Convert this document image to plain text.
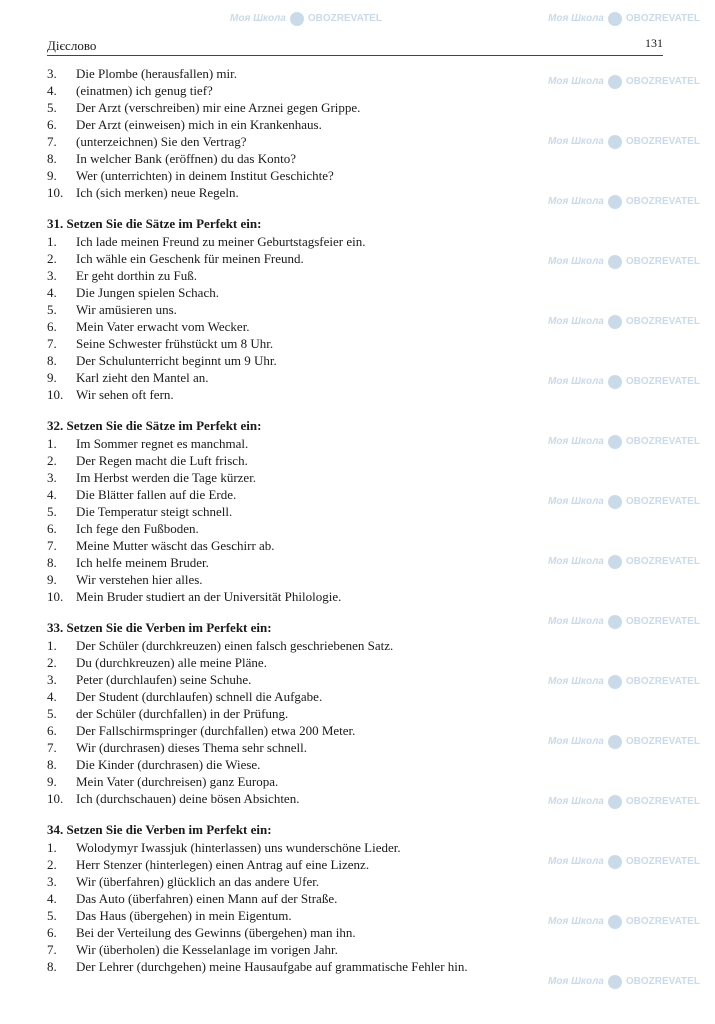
Моя Школа OBOZREVATEL	Моя Школа OBOZREVATEL
Моя Школа OBOZREVATEL
Моя Школа OBOZREVATEL
Моя Школа OBOZREVATEL
Моя Школа OBOZREVATEL
Моя Школа OBOZREVATEL
Моя Школа OBOZREVATEL
Моя Школа OBOZREVATEL
Моя Школа OBOZREVATEL
Моя Школа OBOZREVATEL
Моя Школа OBOZREVATEL
Моя Школа OBOZREVATEL
Моя Школа OBOZREVATEL
Моя Школа OBOZREVATEL
Моя Школа OBOZREVATEL
Моя Школа OBOZREVATEL
Моя Школа OBOZREVATEL
Дієслово	131
3.	Die Plombe (herausfallen) mir.
4.	(einatmen) ich genug tief?
5.	Der Arzt (verschreiben) mir eine Arznei gegen Grippe.
6.	Der Arzt (einweisen) mich in ein Krankenhaus.
7.	(unterzeichnen) Sie den Vertrag?
8.	In welcher Bank (eröffnen) du das Konto?
9.	Wer (unterrichten) in deinem Institut Geschichte?
10. Ich (sich merken) neue Regeln.
31. Setzen Sie die Sätze im Perfekt ein:
1.	Ich lade meinen Freund zu meiner Geburtstagsfeier ein.
2.	Ich wähle ein Geschenk für meinen Freund.
3.	Er geht dorthin zu Fuß.
4.	Die Jungen spielen Schach.
5.	Wir amüsieren uns.
6.	Mein Vater erwacht vom Wecker.
7.	Seine Schwester frühstückt um 8 Uhr.
8.	Der Schulunterricht beginnt um 9 Uhr.
9.	Karl zieht den Mantel an.
10. Wir sehen oft fern.
32. Setzen Sie die Sätze im Perfekt ein:
1.	Im Sommer regnet es manchmal.
2.	Der Regen macht die Luft frisch.
3.	Im Herbst werden die Tage kürzer.
4.	Die Blätter fallen auf die Erde.
5.	Die Temperatur steigt schnell.
6.	Ich fege den Fußboden.
7.	Meine Mutter wäscht das Geschirr ab.
8.	Ich helfe meinem Bruder.
9.	Wir verstehen hier alles.
10. Mein Bruder studiert an der Universität Philologie.
33. Setzen Sie die Verben im Perfekt ein:
1.	Der Schüler (durchkreuzen) einen falsch geschriebenen Satz.
2.	Du (durchkreuzen) alle meine Pläne.
3.	Peter (durchlaufen) seine Schuhe.
4.	Der Student (durchlaufen) schnell die Aufgabe.
5.	der Schüler (durchfallen) in der Prüfung.
6.	Der Fallschirmspringer (durchfallen) etwa 200 Meter.
7.	Wir (durchrasen) dieses Thema sehr schnell.
8.	Die Kinder (durchrasen) die Wiese.
9.	Mein Vater (durchreisen) ganz Europa.
10. Ich (durchschauen) deine bösen Absichten.
34. Setzen Sie die Verben im Perfekt ein:
1.	Wolodymyr Iwassjuk (hinterlassen) uns wunderschöne Lieder.
2.	Herr Stenzer (hinterlegen) einen Antrag auf eine Lizenz.
3.	Wir (überfahren) glücklich an das andere Ufer.
4.	Das Auto (überfahren) einen Mann auf der Straße.
5.	Das Haus (übergehen) in mein Eigentum.
6.	Bei der Verteilung des Gewinns (übergehen) man ihn.
7.	Wir (überholen) die Kesselanlage im vorigen Jahr.
8.	Der Lehrer (durchgehen) meine Hausaufgabe auf grammatische Fehler hin.
